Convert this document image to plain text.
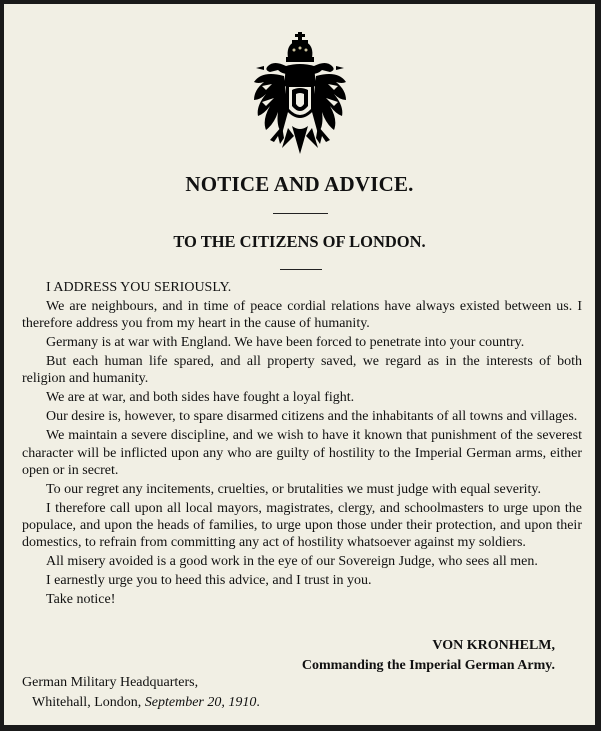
NOTICE AND ADVICE.
TO THE CITIZENS OF LONDON.

I ADDRESS YOU SERIOUSLY.

We are neighbours, and in time of peace cordial relations have always existed between us. I therefore address you from my heart in the cause of humanity.

Germany is at war with England. We have been forced to penetrate into your country.

But each human life spared, and all property saved, we regard as in the interests of both religion and humanity.

We are at war, and both sides have fought a loyal fight.

Our desire is, however, to spare disarmed citizens and the inhabitants of all towns and villages.

We maintain a severe discipline, and we wish to have it known that punishment of the severest character will be inflicted upon any who are guilty of hostility to the Imperial German arms, either open or in secret.

To our regret any incitements, cruelties, or brutalities we must judge with equal severity.

I therefore call upon all local mayors, magistrates, clergy, and schoolmasters to urge upon the populace, and upon the heads of families, to urge upon those under their protection, and upon their domestics, to refrain from committing any act of hostility whatsoever against my soldiers.

All misery avoided is a good work in the eye of our Sovereign Judge, who sees all men.

I earnestly urge you to heed this advice, and I trust in you.

Take notice!

VON KRONHELM,
Commanding the Imperial German Army.
German Military Headquarters,
Whitehall, London, September 20, 1910.
